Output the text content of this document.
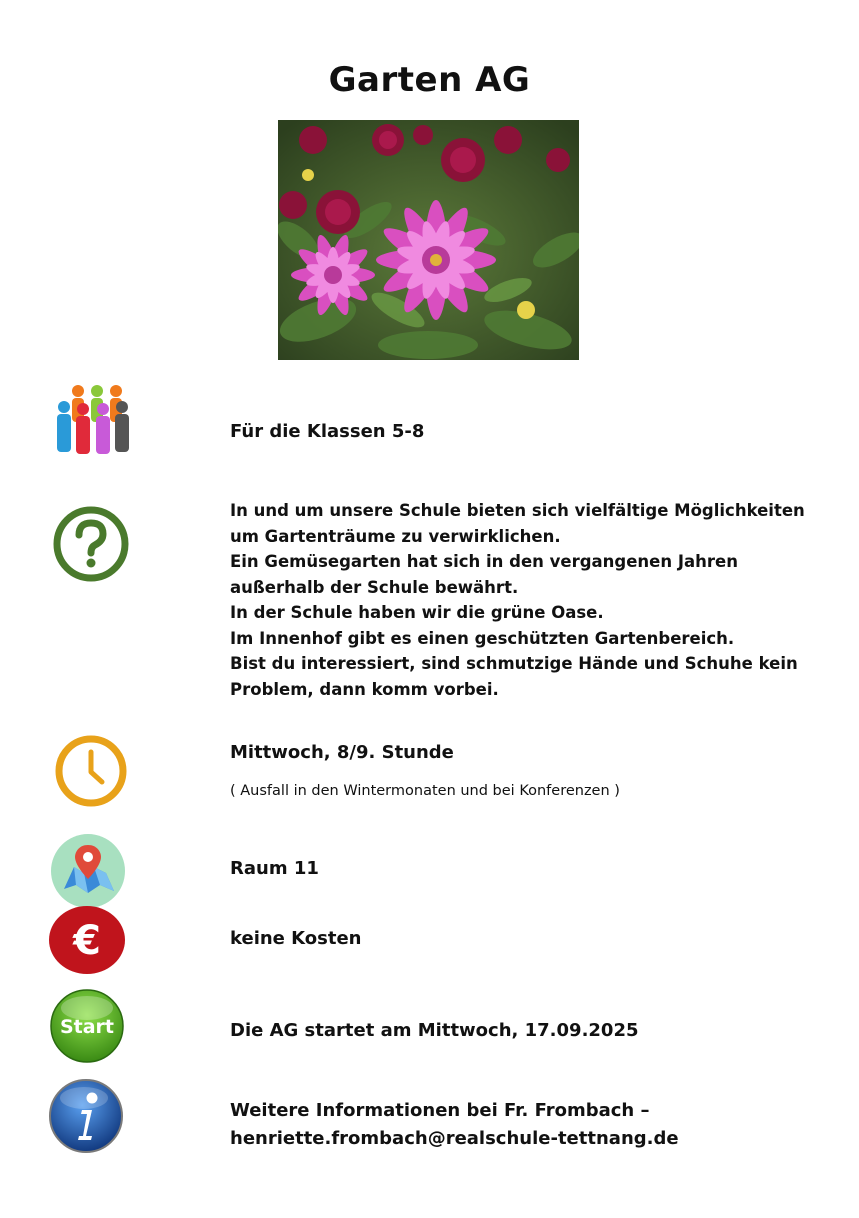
Garten AG
Für die Klassen 5-8
In und um unsere Schule bieten sich vielfältige Möglichkeiten
um Gartenträume zu verwirklichen.
Ein Gemüsegarten hat sich in den vergangenen Jahren
außerhalb der Schule bewährt.
In der Schule haben wir die grüne Oase.
Im Innenhof gibt es einen geschützten Gartenbereich.
Bist du interessiert, sind schmutzige Hände und Schuhe kein
Problem, dann komm vorbei.
Mittwoch, 8/9. Stunde
( Ausfall in den Wintermonaten und bei Konferenzen )
Raum 11
€	keine Kosten
Start	Die AG startet am Mittwoch, 17.09.2025
Weitere Informationen bei Fr. Frombach –
henriette.frombach@realschule-tettnang.de
